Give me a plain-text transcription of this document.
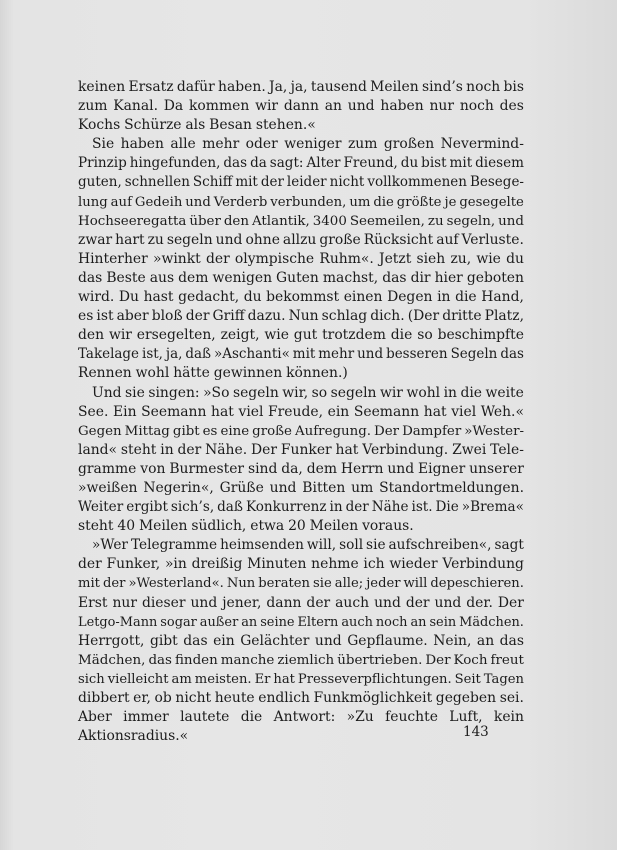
keinen Ersatz dafür haben. Ja, ja, tausend Meilen sind’s noch bis
zum Kanal. Da kommen wir dann an und haben nur noch des
Kochs Schürze als Besan stehen.«
Sie haben alle mehr oder weniger zum großen Nevermind-
Prinzip hingefunden, das da sagt: Alter Freund, du bist mit diesem
guten, schnellen Schiff mit der leider nicht vollkommenen Besege-
lung auf Gedeih und Verderb verbunden, um die größte je gesegelte
Hochseeregatta über den Atlantik, 3400 Seemeilen, zu segeln, und
zwar hart zu segeln und ohne allzu große Rücksicht auf Verluste.
Hinterher »winkt der olympische Ruhm«. Jetzt sieh zu, wie du
das Beste aus dem wenigen Guten machst, das dir hier geboten
wird. Du hast gedacht, du bekommst einen Degen in die Hand,
es ist aber bloß der Griff dazu. Nun schlag dich. (Der dritte Platz,
den wir ersegelten, zeigt, wie gut trotzdem die so beschimpfte
Takelage ist, ja, daß »Aschanti« mit mehr und besseren Segeln das
Rennen wohl hätte gewinnen können.)
Und sie singen: »So segeln wir, so segeln wir wohl in die weite
See. Ein Seemann hat viel Freude, ein Seemann hat viel Weh.«
Gegen Mittag gibt es eine große Aufregung. Der Dampfer »Wester-
land« steht in der Nähe. Der Funker hat Verbindung. Zwei Tele-
gramme von Burmester sind da, dem Herrn und Eigner unserer
»weißen Negerin«, Grüße und Bitten um Standortmeldungen.
Weiter ergibt sich’s, daß Konkurrenz in der Nähe ist. Die »Brema«
steht 40 Meilen südlich, etwa 20 Meilen voraus.
»Wer Telegramme heimsenden will, soll sie aufschreiben«, sagt
der Funker, »in dreißig Minuten nehme ich wieder Verbindung
mit der »Westerland«. Nun beraten sie alle; jeder will depeschieren.
Erst nur dieser und jener, dann der auch und der und der. Der
Letgo-Mann sogar außer an seine Eltern auch noch an sein Mädchen.
Herrgott, gibt das ein Gelächter und Gepflaume. Nein, an das
Mädchen, das finden manche ziemlich übertrieben. Der Koch freut
sich vielleicht am meisten. Er hat Presseverpflichtungen. Seit Tagen
dibbert er, ob nicht heute endlich Funkmöglichkeit gegeben sei.
Aber immer lautete die Antwort: »Zu feuchte Luft, kein
Aktionsradius.«	143
